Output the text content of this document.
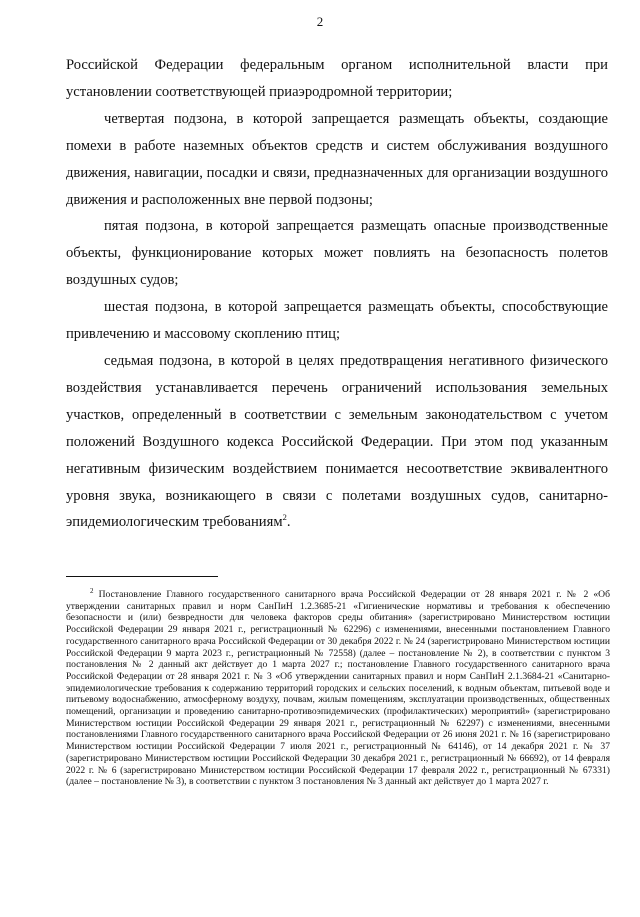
2

Российской Федерации федеральным органом исполнительной власти при установлении соответствующей приаэродромной территории;

четвертая подзона, в которой запрещается размещать объекты, создающие помехи в работе наземных объектов средств и систем обслуживания воздушного движения, навигации, посадки и связи, предназначенных для организации воздушного движения и расположенных вне первой подзоны;

пятая подзона, в которой запрещается размещать опасные производственные объекты, функционирование которых может повлиять на безопасность полетов воздушных судов;

шестая подзона, в которой запрещается размещать объекты, способствующие привлечению и массовому скоплению птиц;

седьмая подзона, в которой в целях предотвращения негативного физического воздействия устанавливается перечень ограничений использования земельных участков, определенный в соответствии с земельным законодательством с учетом положений Воздушного кодекса Российской Федерации. При этом под указанным негативным физическим воздействием понимается несоответствие эквивалентного уровня звука, возникающего в связи с полетами воздушных судов, санитарно-эпидемиологическим требованиям$^2$.

$^2$ Постановление Главного государственного санитарного врача Российской Федерации от 28 января 2021 г. № 2 «Об утверждении санитарных правил и норм СанПиН 1.2.3685-21 «Гигиенические нормативы и требования к обеспечению безопасности и (или) безвредности для человека факторов среды обитания» (зарегистрировано Министерством юстиции Российской Федерации 29 января 2021 г., регистрационный № 62296) с изменениями, внесенными постановлением Главного государственного санитарного врача Российской Федерации от 30 декабря 2022 г. № 24 (зарегистрировано Министерством юстиции Российской Федерации 9 марта 2023 г., регистрационный № 72558) (далее – постановление № 2), в соответствии с пунктом 3 постановления № 2 данный акт действует до 1 марта 2027 г.; постановление Главного государственного санитарного врача Российской Федерации от 28 января 2021 г. № 3 «Об утверждении санитарных правил и норм СанПиН 2.1.3684-21 «Санитарно-эпидемиологические требования к содержанию территорий городских и сельских поселений, к водным объектам, питьевой воде и питьевому водоснабжению, атмосферному воздуху, почвам, жилым помещениям, эксплуатации производственных, общественных помещений, организации и проведению санитарно-противоэпидемических (профилактических) мероприятий» (зарегистрировано Министерством юстиции Российской Федерации 29 января 2021 г., регистрационный № 62297) с изменениями, внесенными постановлениями Главного государственного санитарного врача Российской Федерации от 26 июня 2021 г. № 16 (зарегистрировано Министерством юстиции Российской Федерации 7 июля 2021 г., регистрационный № 64146), от 14 декабря 2021 г. № 37 (зарегистрировано Министерством юстиции Российской Федерации 30 декабря 2021 г., регистрационный № 66692), от 14 февраля 2022 г. № 6 (зарегистрировано Министерством юстиции Российской Федерации 17 февраля 2022 г., регистрационный № 67331) (далее – постановление № 3), в соответствии с пунктом 3 постановления № 3 данный акт действует до 1 марта 2027 г.
